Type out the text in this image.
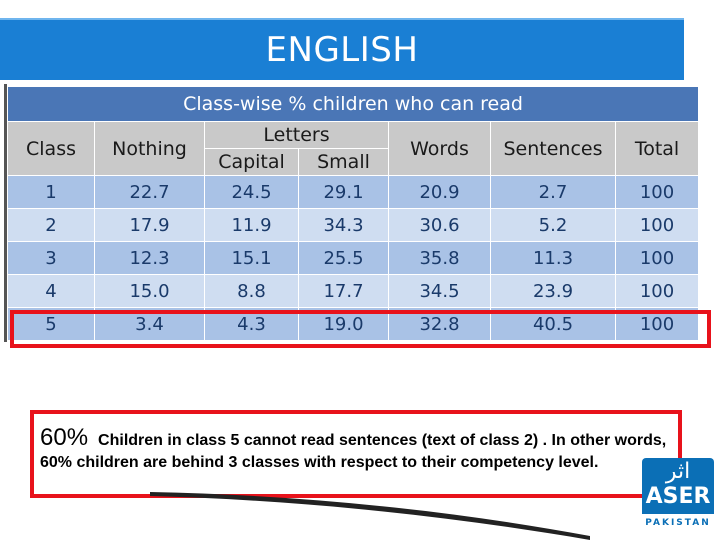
ENGLISH
Class-wise % children who can read						
Class	Nothing	Letters		Words	Sentences	Total
		Capital	Small			
1	22.7	24.5	29.1	20.9	2.7	100
2	17.9	11.9	34.3	30.6	5.2	100
3	12.3	15.1	25.5	35.8	11.3	100
4	15.0	8.8	17.7	34.5	23.9	100
5	3.4	4.3	19.0	32.8	40.5	100
60% Children in class 5 cannot read sentences (text of class 2) . In other words, 60% children are behind 3 classes with respect to their competency level.	اثر
ASER
PAKISTAN
